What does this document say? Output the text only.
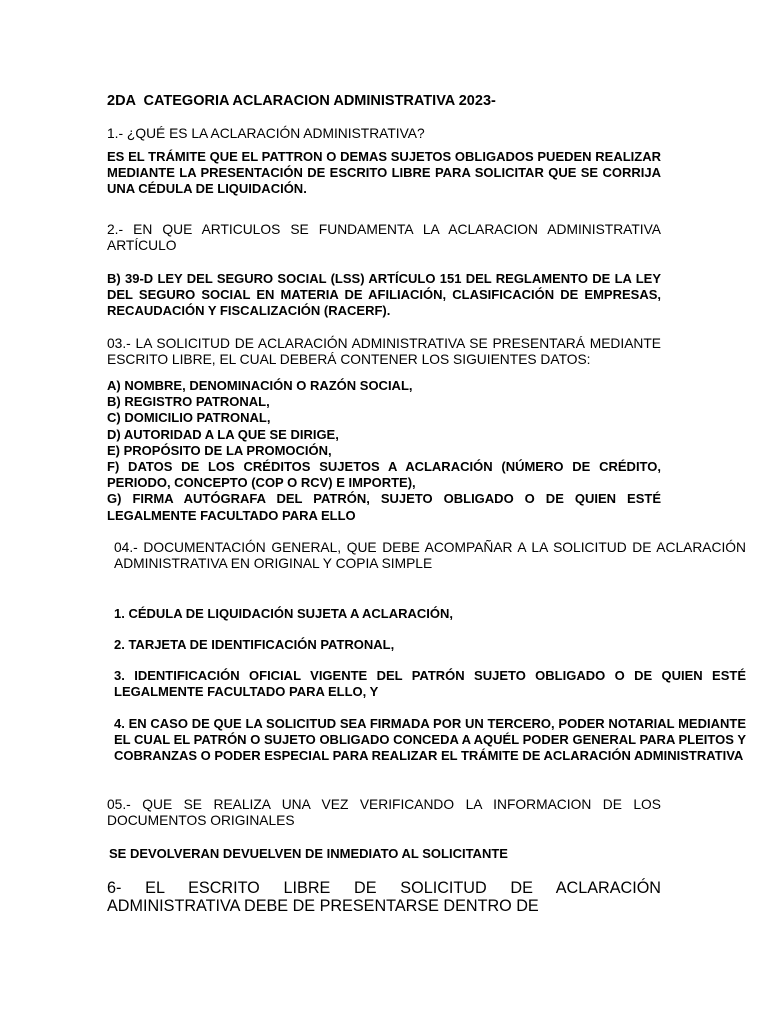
2DA  CATEGORIA ACLARACION ADMINISTRATIVA 2023-

1.- ¿QUÉ ES LA ACLARACIÓN ADMINISTRATIVA?

ES EL TRÁMITE QUE EL PATTRON O DEMAS SUJETOS OBLIGADOS PUEDEN REALIZAR MEDIANTE LA PRESENTACIÓN DE ESCRITO LIBRE PARA SOLICITAR QUE SE CORRIJA UNA CÉDULA DE LIQUIDACIÓN.

2.- EN QUE ARTICULOS SE FUNDAMENTA LA ACLARACION ADMINISTRATIVA ARTÍCULO

B) 39-D LEY DEL SEGURO SOCIAL (LSS) ARTÍCULO 151 DEL REGLAMENTO DE LA LEY DEL SEGURO SOCIAL EN MATERIA DE AFILIACIÓN, CLASIFICACIÓN DE EMPRESAS, RECAUDACIÓN Y FISCALIZACIÓN (RACERF).

03.- LA SOLICITUD DE ACLARACIÓN ADMINISTRATIVA SE PRESENTARÁ MEDIANTE ESCRITO LIBRE, EL CUAL DEBERÁ CONTENER LOS SIGUIENTES DATOS:

A) NOMBRE, DENOMINACIÓN O RAZÓN SOCIAL,
B) REGISTRO PATRONAL,
C) DOMICILIO PATRONAL,
D) AUTORIDAD A LA QUE SE DIRIGE,
E) PROPÓSITO DE LA PROMOCIÓN,
F) DATOS DE LOS CRÉDITOS SUJETOS A ACLARACIÓN (NÚMERO DE CRÉDITO,
PERIODO, CONCEPTO (COP O RCV) E IMPORTE),
G) FIRMA AUTÓGRAFA DEL PATRÓN, SUJETO OBLIGADO O DE QUIEN ESTÉ
LEGALMENTE FACULTADO PARA ELLO

04.- DOCUMENTACIÓN GENERAL, QUE DEBE ACOMPAÑAR A LA SOLICITUD DE ACLARACIÓN ADMINISTRATIVA EN ORIGINAL Y COPIA SIMPLE

1. CÉDULA DE LIQUIDACIÓN SUJETA A ACLARACIÓN,

2. TARJETA DE IDENTIFICACIÓN PATRONAL,

3. IDENTIFICACIÓN OFICIAL VIGENTE DEL PATRÓN SUJETO OBLIGADO O DE QUIEN ESTÉ LEGALMENTE FACULTADO PARA ELLO, Y

4. EN CASO DE QUE LA SOLICITUD SEA FIRMADA POR UN TERCERO, PODER NOTARIAL MEDIANTE EL CUAL EL PATRÓN O SUJETO OBLIGADO CONCEDA A AQUÉL PODER GENERAL PARA PLEITOS Y COBRANZAS O PODER ESPECIAL PARA REALIZAR EL TRÁMITE DE ACLARACIÓN ADMINISTRATIVA

05.- QUE SE REALIZA UNA VEZ VERIFICANDO LA INFORMACION DE LOS DOCUMENTOS ORIGINALES

SE DEVOLVERAN DEVUELVEN DE INMEDIATO AL SOLICITANTE

6- EL ESCRITO LIBRE DE SOLICITUD DE ACLARACIÓN ADMINISTRATIVA DEBE DE PRESENTARSE DENTRO DE
